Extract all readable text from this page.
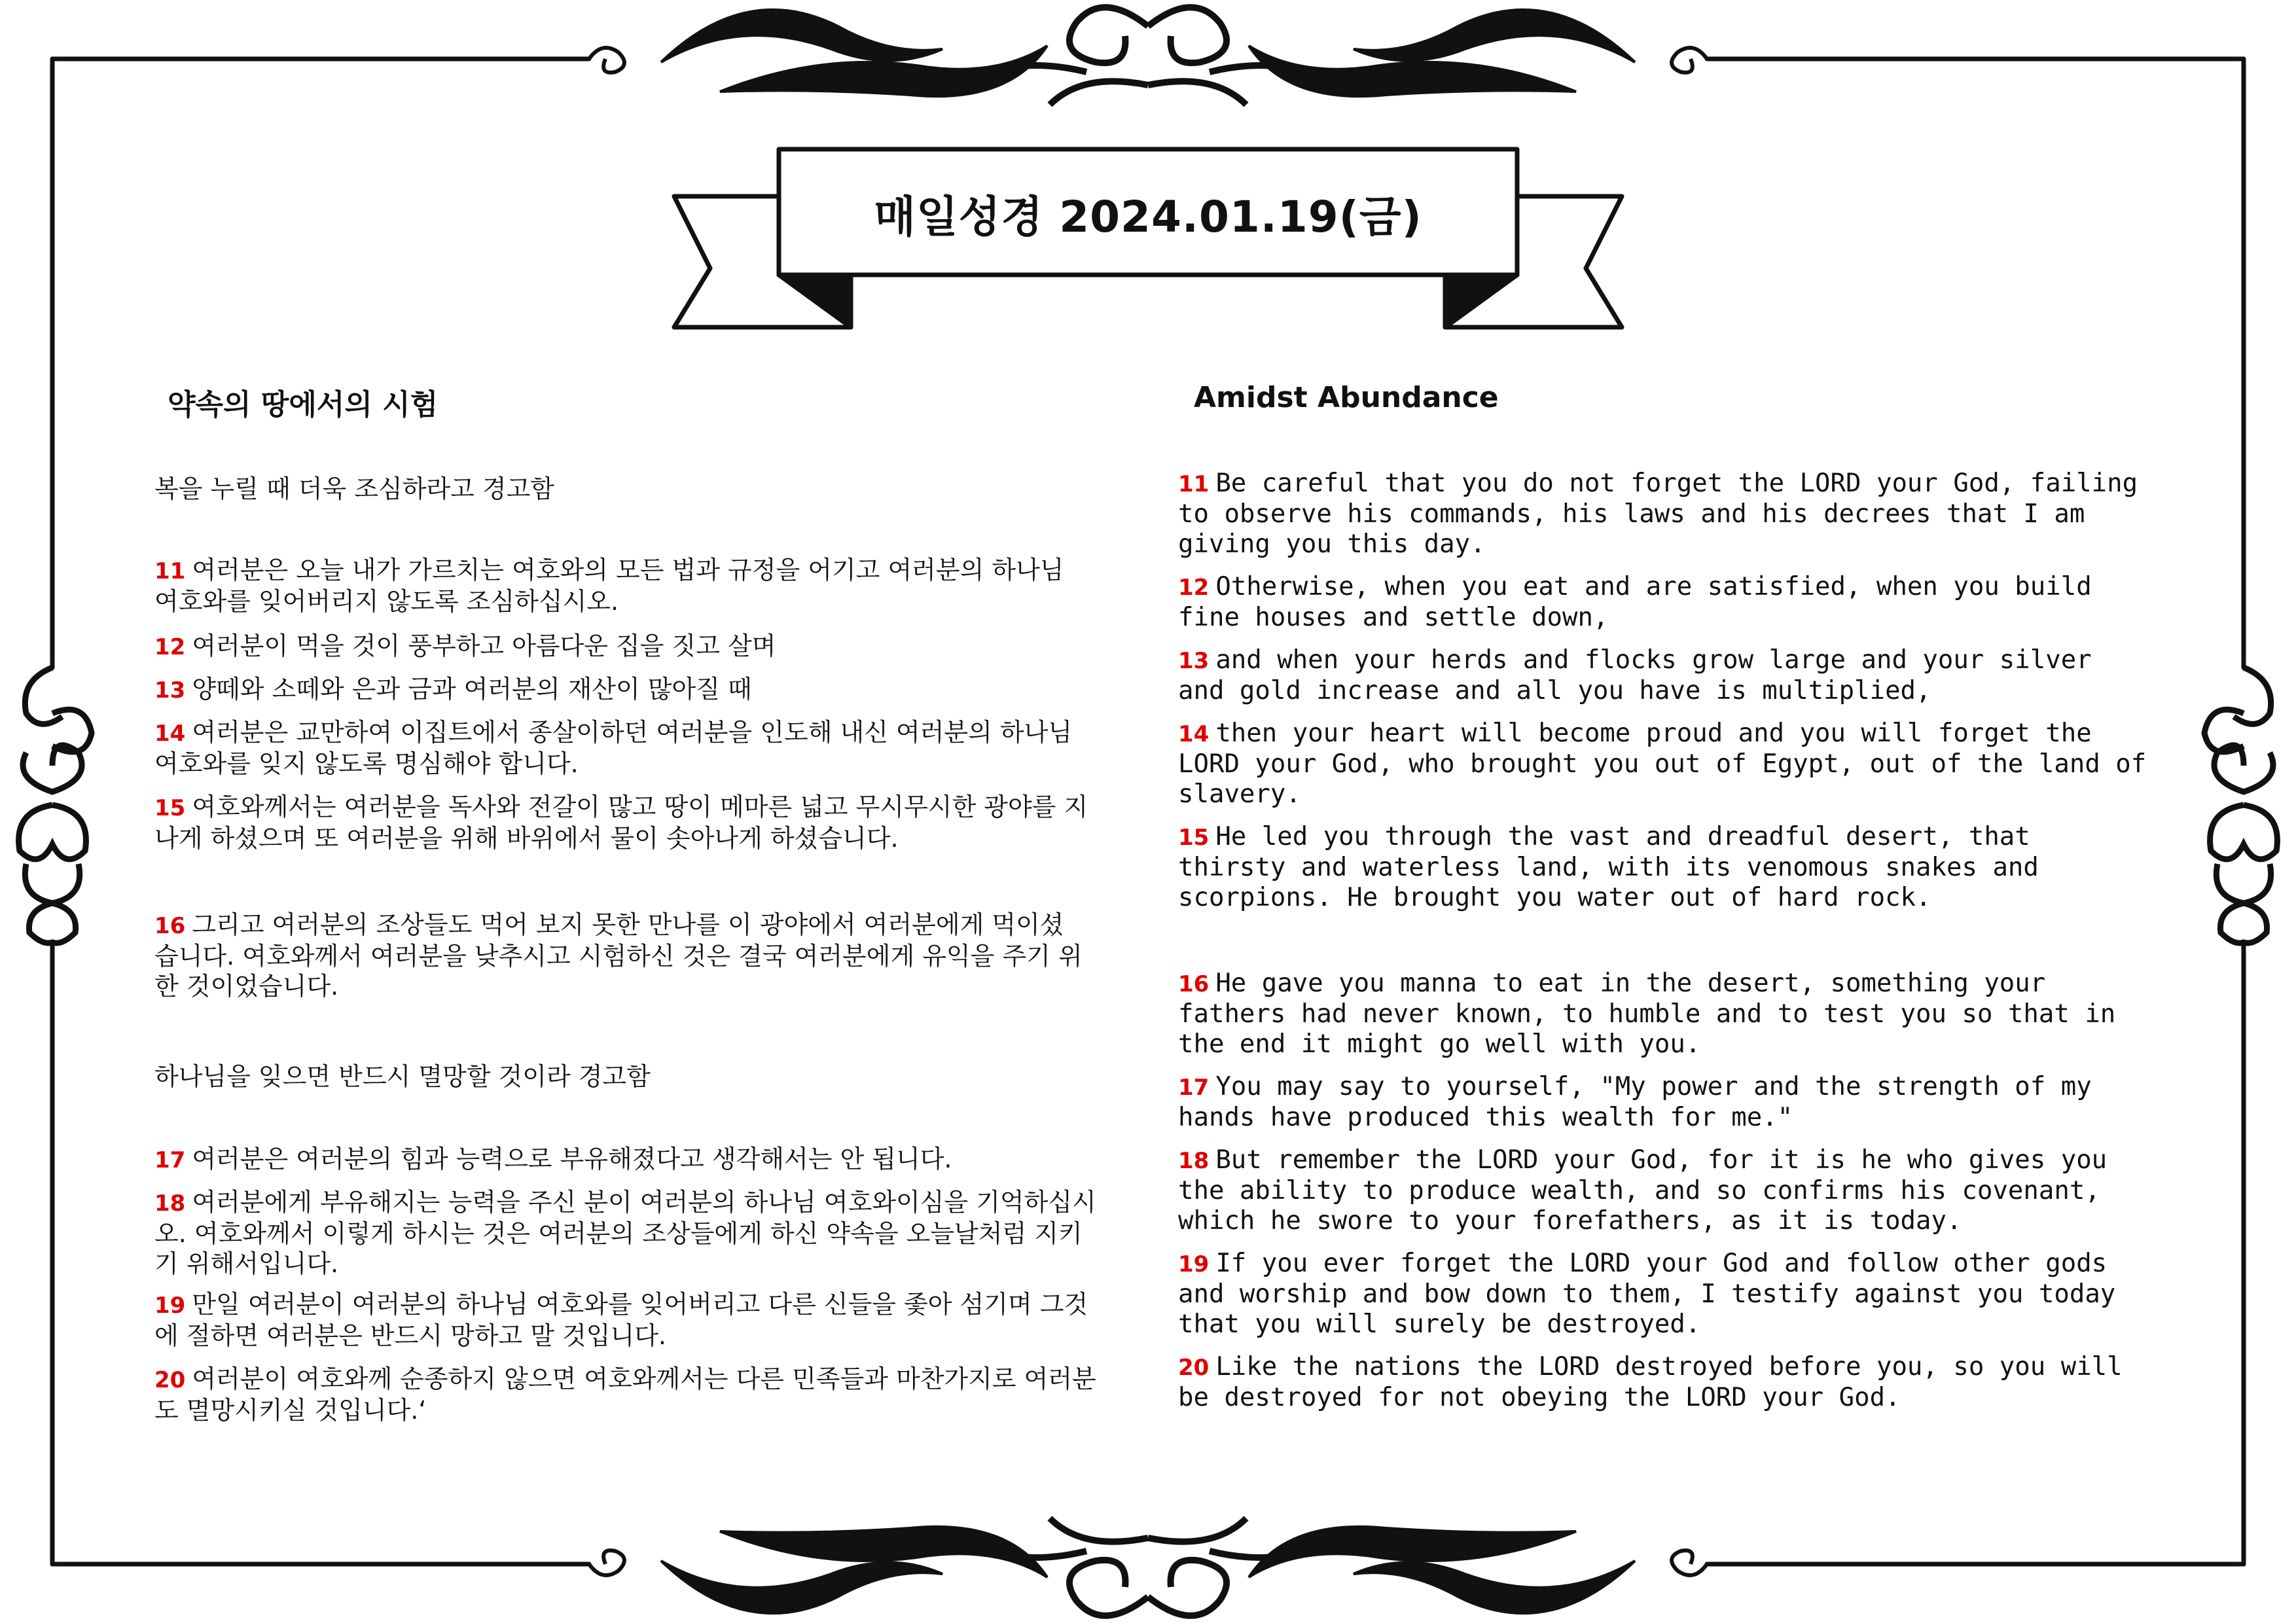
매일성경 2024.01.19(금)
약속의 땅에서의 시험
복을 누릴 때 더욱 조심하라고 경고함
11 여러분은 오늘 내가 가르치는 여호와의 모든 법과 규정을 어기고 여러분의 하나님 여호와를 잊어버리지 않도록 조심하십시오.
12 여러분이 먹을 것이 풍부하고 아름다운 집을 짓고 살며
13 양떼와 소떼와 은과 금과 여러분의 재산이 많아질 때
14 여러분은 교만하여 이집트에서 종살이하던 여러분을 인도해 내신 여러분의 하나님 여호와를 잊지 않도록 명심해야 합니다.
15 여호와께서는 여러분을 독사와 전갈이 많고 땅이 메마른 넓고 무시무시한 광야를 지나게 하셨으며 또 여러분을 위해 바위에서 물이 솟아나게 하셨습니다.
16 그리고 여러분의 조상들도 먹어 보지 못한 만나를 이 광야에서 여러분에게 먹이셨습니다. 여호와께서 여러분을 낮추시고 시험하신 것은 결국 여러분에게 유익을 주기 위한 것이었습니다.
하나님을 잊으면 반드시 멸망할 것이라 경고함
17 여러분은 여러분의 힘과 능력으로 부유해졌다고 생각해서는 안 됩니다.
18 여러분에게 부유해지는 능력을 주신 분이 여러분의 하나님 여호와이심을 기억하십시오. 여호와께서 이렇게 하시는 것은 여러분의 조상들에게 하신 약속을 오늘날처럼 지키기 위해서입니다.
19 만일 여러분이 여러분의 하나님 여호와를 잊어버리고 다른 신들을 좇아 섬기며 그것에 절하면 여러분은 반드시 망하고 말 것입니다.
20 여러분이 여호와께 순종하지 않으면 여호와께서는 다른 민족들과 마찬가지로 여러분도 멸망시키실 것입니다.‘
Amidst Abundance
11 Be careful that you do not forget the LORD your God, failing to observe his commands, his laws and his decrees that I am giving you this day.
12 Otherwise, when you eat and are satisfied, when you build fine houses and settle down,
13 and when your herds and flocks grow large and your silver and gold increase and all you have is multiplied,
14 then your heart will become proud and you will forget the LORD your God, who brought you out of Egypt, out of the land of slavery.
15 He led you through the vast and dreadful desert, that thirsty and waterless land, with its venomous snakes and scorpions. He brought you water out of hard rock.
16 He gave you manna to eat in the desert, something your fathers had never known, to humble and to test you so that in the end it might go well with you.
17 You may say to yourself, "My power and the strength of my hands have produced this wealth for me."
18 But remember the LORD your God, for it is he who gives you the ability to produce wealth, and so confirms his covenant, which he swore to your forefathers, as it is today.
19 If you ever forget the LORD your God and follow other gods and worship and bow down to them, I testify against you today that you will surely be destroyed.
20 Like the nations the LORD destroyed before you, so you will be destroyed for not obeying the LORD your God.
